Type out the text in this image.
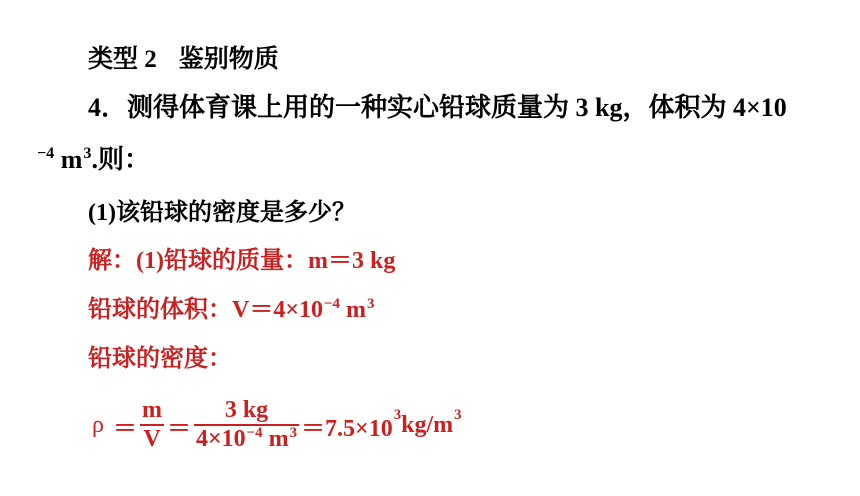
类型 2 鉴别物质
4．测得体育课上用的一种实心铅球质量为 3 kg，体积为 4×10
$^{-4}$ $m^3$.则：
(1)该铅球的密度是多少？
解：(1)铅球的质量：m＝3 kg
铅球的体积：$V=4\times 10^{-4}$ $m^3$
铅球的密度：
$\rho = \frac{m}{V} = \frac{3 kg}{4\times 10^{-4} m^3} =7.5\times 10$
$^3$ $kg/m^3$
